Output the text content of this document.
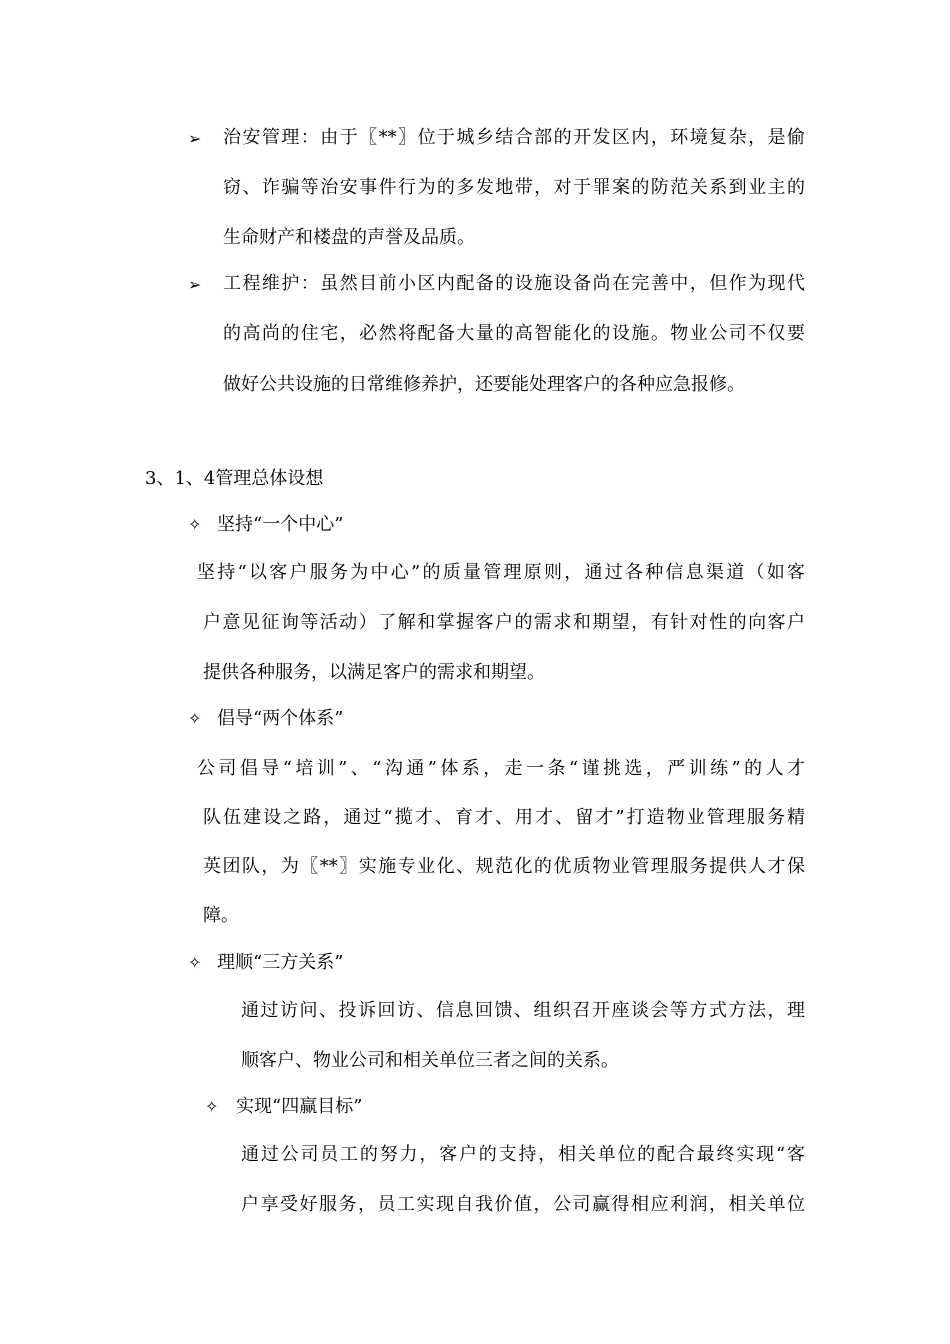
➢ 治安管理：由于〖**〗位于城乡结合部的开发区内，环境复杂，是偷
窃、诈骗等治安事件行为的多发地带，对于罪案的防范关系到业主的
生命财产和楼盘的声誉及品质。
➢ 工程维护：虽然目前小区内配备的设施设备尚在完善中，但作为现代
的高尚的住宅，必然将配备大量的高智能化的设施。物业公司不仅要
做好公共设施的日常维修养护，还要能处理客户的各种应急报修。
3、1、4管理总体设想
✧ 坚持“一个中心”
坚持“以客户服务为中心”的质量管理原则，通过各种信息渠道（如客
户意见征询等活动）了解和掌握客户的需求和期望，有针对性的向客户
提供各种服务，以满足客户的需求和期望。
✧ 倡导“两个体系”
公司倡导“培训”、“沟通”体系，走一条“谨挑选，严训练”的人才
队伍建设之路，通过“揽才、育才、用才、留才”打造物业管理服务精
英团队，为〖**〗实施专业化、规范化的优质物业管理服务提供人才保
障。
✧ 理顺“三方关系”
通过访问、投诉回访、信息回馈、组织召开座谈会等方式方法，理
顺客户、物业公司和相关单位三者之间的关系。
✧ 实现“四赢目标”
通过公司员工的努力，客户的支持，相关单位的配合最终实现“客
户享受好服务，员工实现自我价值，公司赢得相应利润，相关单位
